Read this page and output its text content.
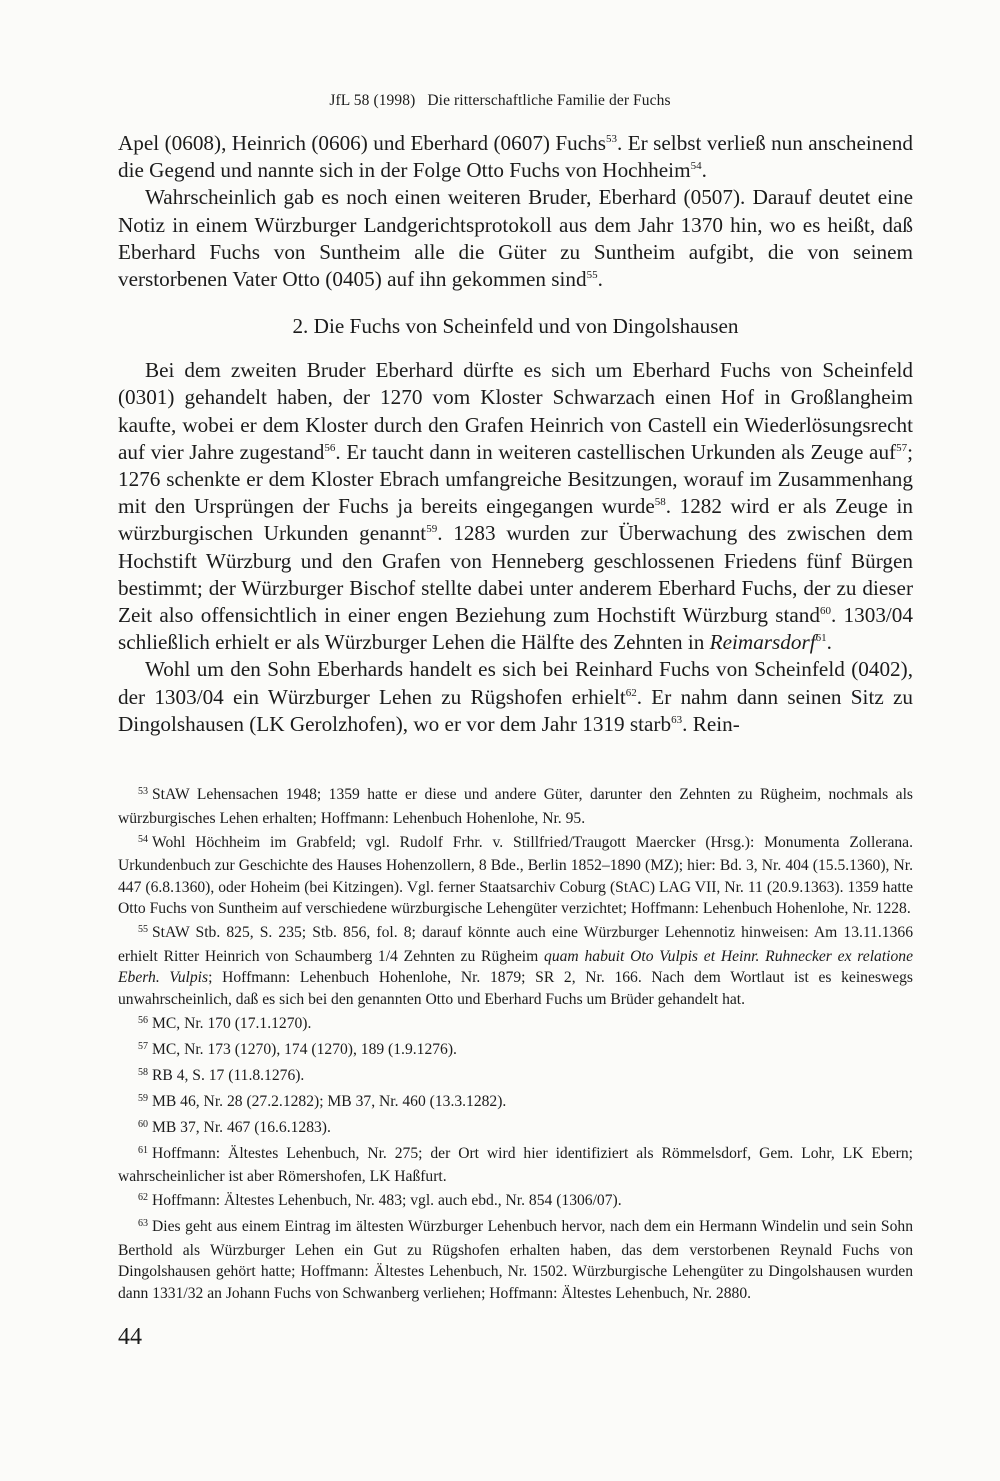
JfL 58 (1998) Die ritterschaftliche Familie der Fuchs

Apel (0608), Heinrich (0606) und Eberhard (0607) Fuchs$^{53}$. Er selbst verließ nun anscheinend die Gegend und nannte sich in der Folge Otto Fuchs von Hochheim$^{54}$.

Wahrscheinlich gab es noch einen weiteren Bruder, Eberhard (0507). Darauf deutet eine Notiz in einem Würzburger Landgerichtsprotokoll aus dem Jahr 1370 hin, wo es heißt, daß Eberhard Fuchs von Suntheim alle die Güter zu Suntheim aufgibt, die von seinem verstorbenen Vater Otto (0405) auf ihn gekommen sind$^{55}$.

2. Die Fuchs von Scheinfeld und von Dingolshausen

Bei dem zweiten Bruder Eberhard dürfte es sich um Eberhard Fuchs von Scheinfeld (0301) gehandelt haben, der 1270 vom Kloster Schwarzach einen Hof in Großlangheim kaufte, wobei er dem Kloster durch den Grafen Heinrich von Castell ein Wiederlösungsrecht auf vier Jahre zugestand$^{56}$. Er taucht dann in weiteren castellischen Urkunden als Zeuge auf$^{57}$; 1276 schenkte er dem Kloster Ebrach umfangreiche Besitzungen, worauf im Zusammenhang mit den Ursprüngen der Fuchs ja bereits eingegangen wurde$^{58}$. 1282 wird er als Zeuge in würzburgischen Urkunden genannt$^{59}$. 1283 wurden zur Überwachung des zwischen dem Hochstift Würzburg und den Grafen von Henneberg geschlossenen Friedens fünf Bürgen bestimmt; der Würzburger Bischof stellte dabei unter anderem Eberhard Fuchs, der zu dieser Zeit also offensichtlich in einer engen Beziehung zum Hochstift Würzburg stand$^{60}$. 1303/04 schließlich erhielt er als Würzburger Lehen die Hälfte des Zehnten in Reimarsdorf$^{61}$.

Wohl um den Sohn Eberhards handelt es sich bei Reinhard Fuchs von Scheinfeld (0402), der 1303/04 ein Würzburger Lehen zu Rügshofen erhielt$^{62}$. Er nahm dann seinen Sitz zu Dingolshausen (LK Gerolzhofen), wo er vor dem Jahr 1319 starb$^{63}$. Rein-

$^{53}$ StAW Lehensachen 1948; 1359 hatte er diese und andere Güter, darunter den Zehnten zu Rügheim, nochmals als würzburgisches Lehen erhalten; Hoffmann: Lehenbuch Hohenlohe, Nr. 95.

$^{54}$ Wohl Höchheim im Grabfeld; vgl. Rudolf Frhr. v. Stillfried/Traugott Maercker (Hrsg.): Monumenta Zollerana. Urkundenbuch zur Geschichte des Hauses Hohenzollern, 8 Bde., Berlin 1852–1890 (MZ); hier: Bd. 3, Nr. 404 (15.5.1360), Nr. 447 (6.8.1360), oder Hoheim (bei Kitzingen). Vgl. ferner Staatsarchiv Coburg (StAC) LAG VII, Nr. 11 (20.9.1363). 1359 hatte Otto Fuchs von Suntheim auf verschiedene würzburgische Lehengüter verzichtet; Hoffmann: Lehenbuch Hohenlohe, Nr. 1228.

$^{55}$ StAW Stb. 825, S. 235; Stb. 856, fol. 8; darauf könnte auch eine Würzburger Lehennotiz hinweisen: Am 13.11.1366 erhielt Ritter Heinrich von Schaumberg 1/4 Zehnten zu Rügheim quam habuit Oto Vulpis et Heinr. Ruhnecker ex relatione Eberh. Vulpis; Hoffmann: Lehenbuch Hohenlohe, Nr. 1879; SR 2, Nr. 166. Nach dem Wortlaut ist es keineswegs unwahrscheinlich, daß es sich bei den genannten Otto und Eberhard Fuchs um Brüder gehandelt hat.

$^{56}$ MC, Nr. 170 (17.1.1270).

$^{57}$ MC, Nr. 173 (1270), 174 (1270), 189 (1.9.1276).

$^{58}$ RB 4, S. 17 (11.8.1276).

$^{59}$ MB 46, Nr. 28 (27.2.1282); MB 37, Nr. 460 (13.3.1282).

$^{60}$ MB 37, Nr. 467 (16.6.1283).

$^{61}$ Hoffmann: Ältestes Lehenbuch, Nr. 275; der Ort wird hier identifiziert als Römmelsdorf, Gem. Lohr, LK Ebern; wahrscheinlicher ist aber Römershofen, LK Haßfurt.

$^{62}$ Hoffmann: Ältestes Lehenbuch, Nr. 483; vgl. auch ebd., Nr. 854 (1306/07).

$^{63}$ Dies geht aus einem Eintrag im ältesten Würzburger Lehenbuch hervor, nach dem ein Hermann Windelin und sein Sohn Berthold als Würzburger Lehen ein Gut zu Rügshofen erhalten haben, das dem verstorbenen Reynald Fuchs von Dingolshausen gehört hatte; Hoffmann: Ältestes Lehenbuch, Nr. 1502. Würzburgische Lehengüter zu Dingolshausen wurden dann 1331/32 an Johann Fuchs von Schwanberg verliehen; Hoffmann: Ältestes Lehenbuch, Nr. 2880.

44
